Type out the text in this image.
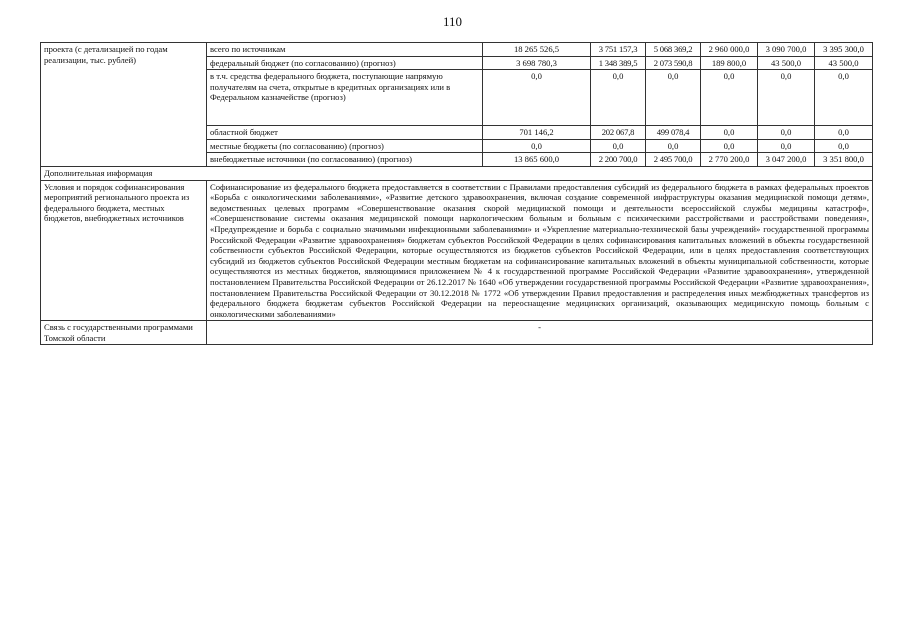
110
проекта (с детализацией по годам реализации, тыс. рублей)	всего по источникам	18 265 526,5	3 751 157,3	5 068 369,2	2 960 000,0	3 090 700,0	3 395 300,0
	федеральный бюджет (по согласованию) (прогноз)	3 698 780,3	1 348 389,5	2 073 590,8	189 800,0	43 500,0	43 500,0
	в т.ч. средства федерального бюджета, поступающие напрямую получателям на счета, открытые в кредитных организациях или в Федеральном казначействе (прогноз)	0,0	0,0	0,0	0,0	0,0	0,0
	областной бюджет	701 146,2	202 067,8	499 078,4	0,0	0,0	0,0
	местные бюджеты (по согласованию) (прогноз)	0,0	0,0	0,0	0,0	0,0	0,0
	внебюджетные источники (по согласованию) (прогноз)	13 865 600,0	2 200 700,0	2 495 700,0	2 770 200,0	3 047 200,0	3 351 800,0
Дополнительная информация							
Условия и порядок софинансирования мероприятий регионального проекта из федерального бюджета, местных бюджетов, внебюджетных источников	Софинансирование из федерального бюджета предоставляется в соответствии с Правилами предоставления субсидий из федерального бюджета в рамках федеральных проектов «Борьба с онкологическими заболеваниями», «Развитие детского здравоохранения, включая создание современной инфраструктуры оказания медицинской помощи детям», ведомственных целевых программ «Совершенствование оказания скорой медицинской помощи и деятельности всероссийской службы медицины катастроф», «Совершенствование системы оказания медицинской помощи наркологическим больным и больным с психическими расстройствами и расстройствами поведения», «Предупреждение и борьба с социально значимыми инфекционными заболеваниями» и «Укрепление материально-технической базы учреждений» государственной программы Российской Федерации «Развитие здравоохранения» бюджетам субъектов Российской Федерации в целях софинансирования капитальных вложений в объекты государственной собственности субъектов Российской Федерации, которые осуществляются из бюджетов субъектов Российской Федерации, или в целях предоставления соответствующих субсидий из бюджетов субъектов Российской Федерации местным бюджетам на софинансирование капитальных вложений в объекты муниципальной собственности, которые осуществляются из местных бюджетов, являющимися приложением № 4 к государственной программе Российской Федерации «Развитие здравоохранения», утвержденной постановлением Правительства Российской Федерации от 26.12.2017 № 1640 «Об утверждении государственной программы Российской Федерации «Развитие здравоохранения», постановлением Правительства Российской Федерации от 30.12.2018 № 1772 «Об утверждении Правил предоставления и распределения иных межбюджетных трансфертов из федерального бюджета бюджетам субъектов Российской Федерации на переоснащение медицинских организаций, оказывающих медицинскую помощь больным с онкологическими заболеваниями»						
Связь с государственными программами Томской области	-						
